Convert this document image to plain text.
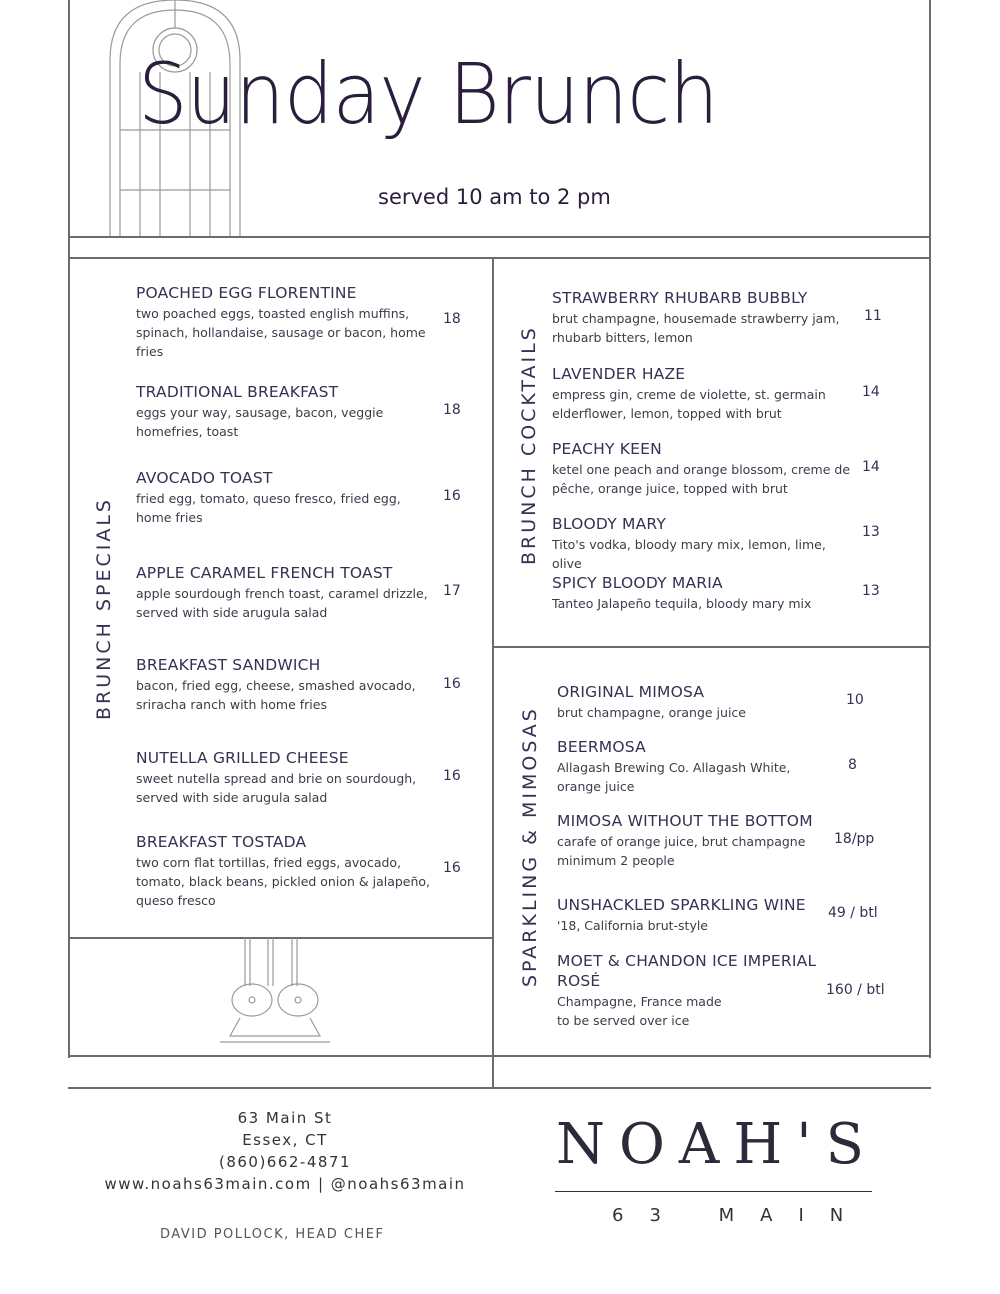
Sunday Brunch
served 10 am to 2 pm
BRUNCH SPECIALS
POACHED EGG FLORENTINE
two poached eggs, toasted english muffins, spinach, hollandaise, sausage or bacon, home fries
18
TRADITIONAL BREAKFAST
eggs your way, sausage, bacon, veggie homefries, toast
18
AVOCADO TOAST
fried egg, tomato, queso fresco, fried egg, home fries
16
APPLE CARAMEL FRENCH TOAST
apple sourdough french toast, caramel drizzle, served with side arugula salad
17
BREAKFAST SANDWICH
bacon, fried egg, cheese, smashed avocado, sriracha ranch with home fries
16
NUTELLA GRILLED CHEESE
sweet nutella spread and brie on sourdough, served with side arugula salad
16
BREAKFAST TOSTADA
two corn flat tortillas, fried eggs, avocado, tomato, black beans, pickled onion & jalapeño, queso fresco
16
BRUNCH COCKTAILS
STRAWBERRY RHUBARB BUBBLY
brut champagne, housemade strawberry jam, rhubarb bitters, lemon
11
LAVENDER HAZE
empress gin, creme de violette, st. germain elderflower, lemon, topped with brut
14
PEACHY KEEN
ketel one peach and orange blossom, creme de pêche, orange juice, topped with brut
14
BLOODY MARY
Tito's vodka, bloody mary mix, lemon, lime, olive
13
SPICY BLOODY MARIA
Tanteo Jalapeño tequila, bloody mary mix
13
SPARKLING & MIMOSAS
ORIGINAL MIMOSA
brut champagne, orange juice
10
BEERMOSA
Allagash Brewing Co. Allagash White, orange juice
8
MIMOSA WITHOUT THE BOTTOM
carafe of orange juice, brut champagne minimum 2 people
18/pp
UNSHACKLED SPARKLING WINE
'18, California brut-style
49 / btl
MOET & CHANDON ICE IMPERIAL ROSÉ
Champagne, France made to be served over ice
160 / btl
63 Main St
Essex, CT
(860)662-4871
www.noahs63main.com | @noahs63main
DAVID POLLOCK, HEAD CHEF
NOAH'S
63 MAIN
